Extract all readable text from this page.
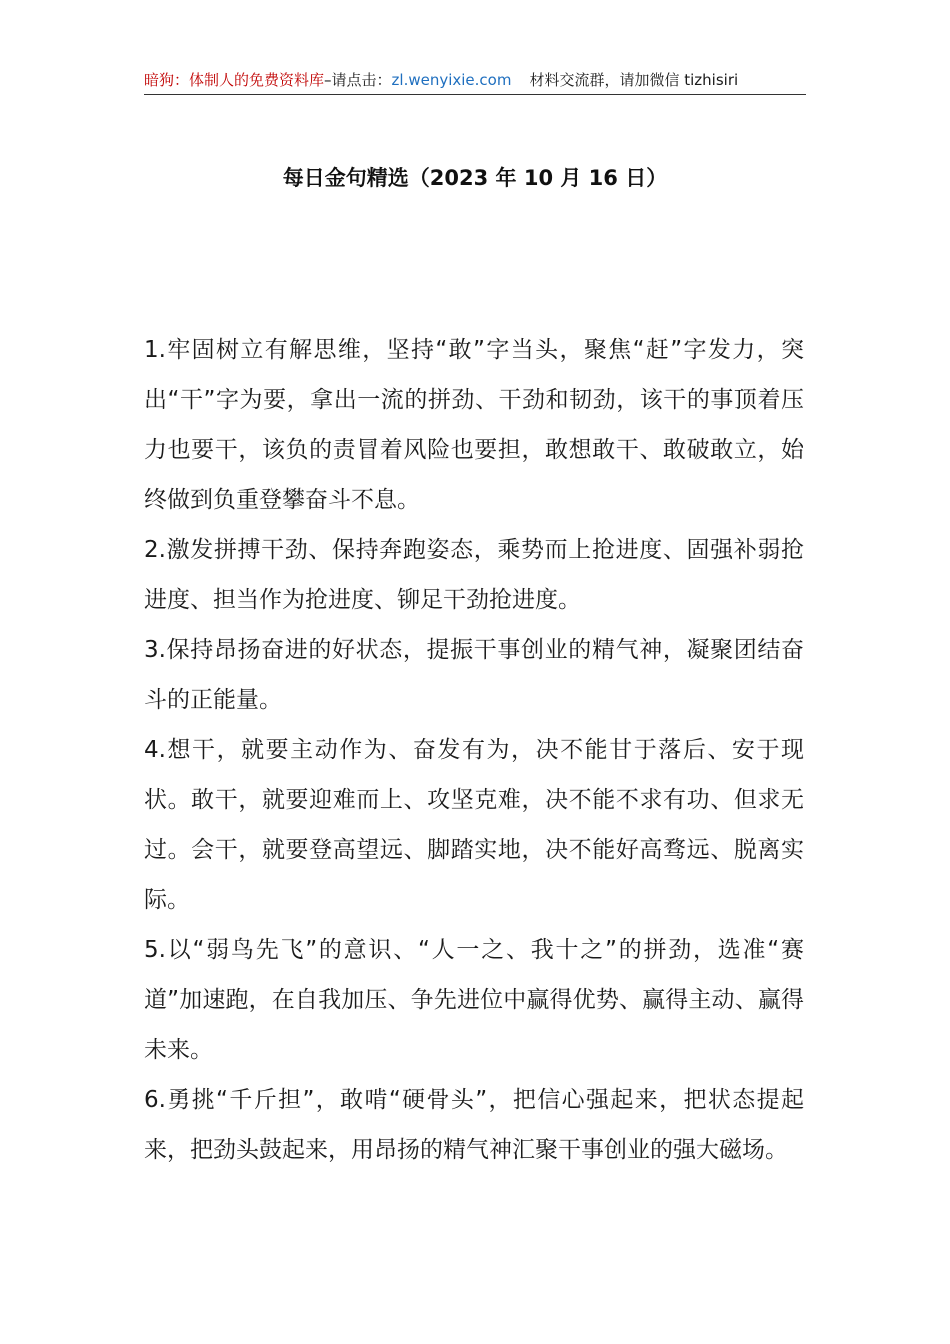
暗狗：体制人的免费资料库–请点击：zl.wenyixie.com 材料交流群，请加微信 tizhisiri
每日金句精选（2023 年 10 月 16 日）

1.牢固树立有解思维，坚持“敢”字当头，聚焦“赶”字发力，突出“干”字为要，拿出一流的拼劲、干劲和韧劲，该干的事顶着压力也要干，该负的责冒着风险也要担，敢想敢干、敢破敢立，始终做到负重登攀奋斗不息。

2.激发拼搏干劲、保持奔跑姿态，乘势而上抢进度、固强补弱抢进度、担当作为抢进度、铆足干劲抢进度。

3.保持昂扬奋进的好状态，提振干事创业的精气神，凝聚团结奋斗的正能量。

4.想干，就要主动作为、奋发有为，决不能甘于落后、安于现状。敢干，就要迎难而上、攻坚克难，决不能不求有功、但求无过。会干，就要登高望远、脚踏实地，决不能好高骛远、脱离实际。

5.以“弱鸟先飞”的意识、“人一之、我十之”的拼劲，选准“赛道”加速跑，在自我加压、争先进位中赢得优势、赢得主动、赢得未来。

6.勇挑“千斤担”，敢啃“硬骨头”，把信心强起来，把状态提起来，把劲头鼓起来，用昂扬的精气神汇聚干事创业的强大磁场。
